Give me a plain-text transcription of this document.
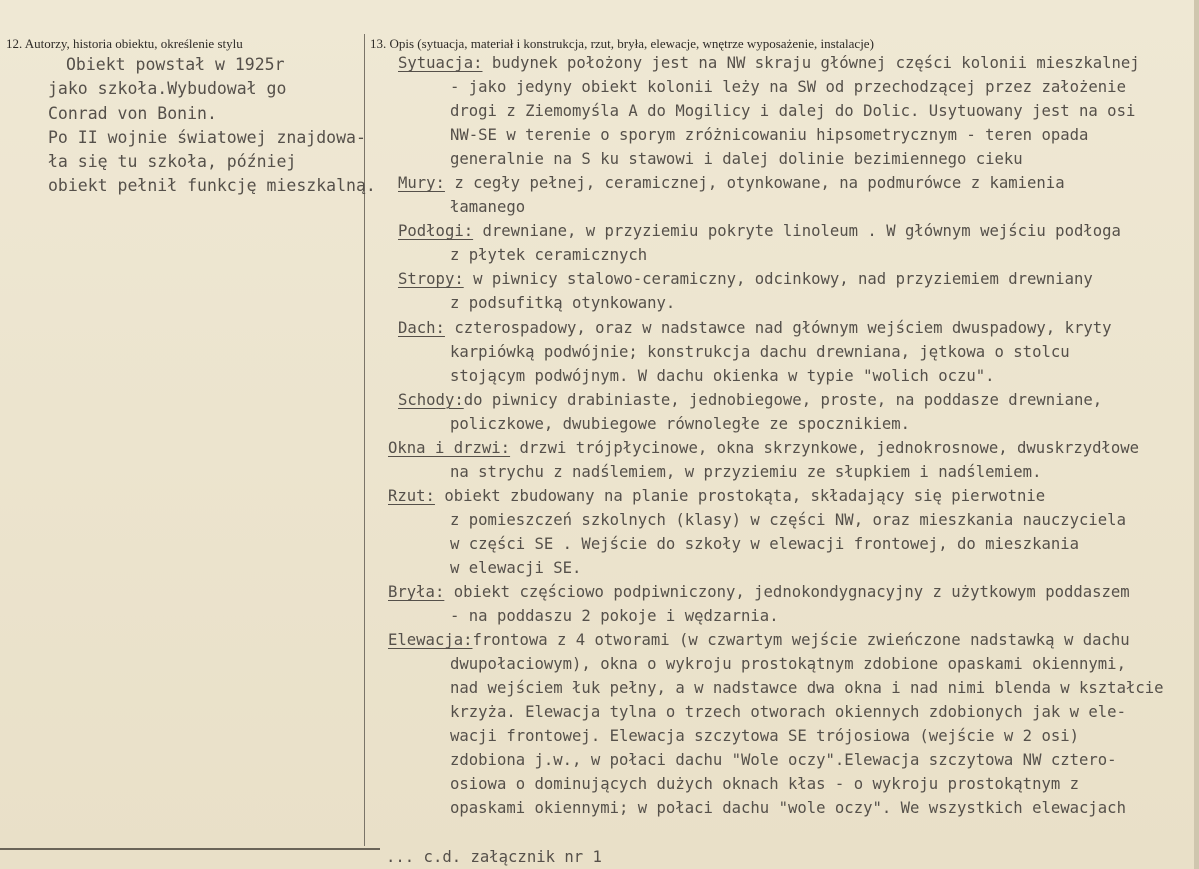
12. Autorzy, historia obiektu, określenie stylu	13. Opis (sytuacja, materiał i konstrukcja, rzut, bryła, elewacje, wnętrze wyposażenie, instalacje)
Obiekt powstał w 1925r
jako szkoła.Wybudował go
Conrad von Bonin.
Po II wojnie światowej znajdowa-
ła się tu szkoła, później
obiekt pełnił funkcję mieszkalną.
Sytuacja: budynek położony jest na NW skraju głównej części kolonii mieszkalnej
- jako jedyny obiekt kolonii leży na SW od przechodzącej przez założenie
drogi z Ziemomyśla A do Mogilicy i dalej do Dolic. Usytuowany jest na osi
NW-SE w terenie o sporym zróżnicowaniu hipsometrycznym - teren opada
generalnie na S ku stawowi i dalej dolinie bezimiennego cieku
Mury: z cegły pełnej, ceramicznej, otynkowane, na podmurówce z kamienia
łamanego
Podłogi: drewniane, w przyziemiu pokryte linoleum . W głównym wejściu podłoga
z płytek ceramicznych
Stropy: w piwnicy stalowo-ceramiczny, odcinkowy, nad przyziemiem drewniany
z podsufitką otynkowany.
Dach: czterospadowy, oraz w nadstawce nad głównym wejściem dwuspadowy, kryty
karpiówką podwójnie; konstrukcja dachu drewniana, jętkowa o stolcu
stojącym podwójnym. W dachu okienka w typie "wolich oczu".
Schody:do piwnicy drabiniaste, jednobiegowe, proste, na poddasze drewniane,
policzkowe, dwubiegowe równoległe ze spocznikiem.
Okna i drzwi: drzwi trójpłycinowe, okna skrzynkowe, jednokrosnowe, dwuskrzydłowe
na strychu z nadślemiem, w przyziemiu ze słupkiem i nadślemiem.
Rzut: obiekt zbudowany na planie prostokąta, składający się pierwotnie
z pomieszczeń szkolnych (klasy) w części NW, oraz mieszkania nauczyciela
w części SE . Wejście do szkoły w elewacji frontowej, do mieszkania
w elewacji SE.
Bryła: obiekt częściowo podpiwniczony, jednokondygnacyjny z użytkowym poddaszem
- na poddaszu 2 pokoje i wędzarnia.
Elewacja:frontowa z 4 otworami (w czwartym wejście zwieńczone nadstawką w dachu
dwupołaciowym), okna o wykroju prostokątnym zdobione opaskami okiennymi,
nad wejściem łuk pełny, a w nadstawce dwa okna i nad nimi blenda w kształcie
krzyża. Elewacja tylna o trzech otworach okiennych zdobionych jak w ele-
wacji frontowej. Elewacja szczytowa SE trójosiowa (wejście w 2 osi)
zdobiona j.w., w połaci dachu "Wole oczy".Elewacja szczytowa NW cztero-
osiowa o dominujących dużych oknach kłas - o wykroju prostokątnym z
opaskami okiennymi; w połaci dachu "wole oczy". We wszystkich elewacjach
... c.d. załącznik nr 1
